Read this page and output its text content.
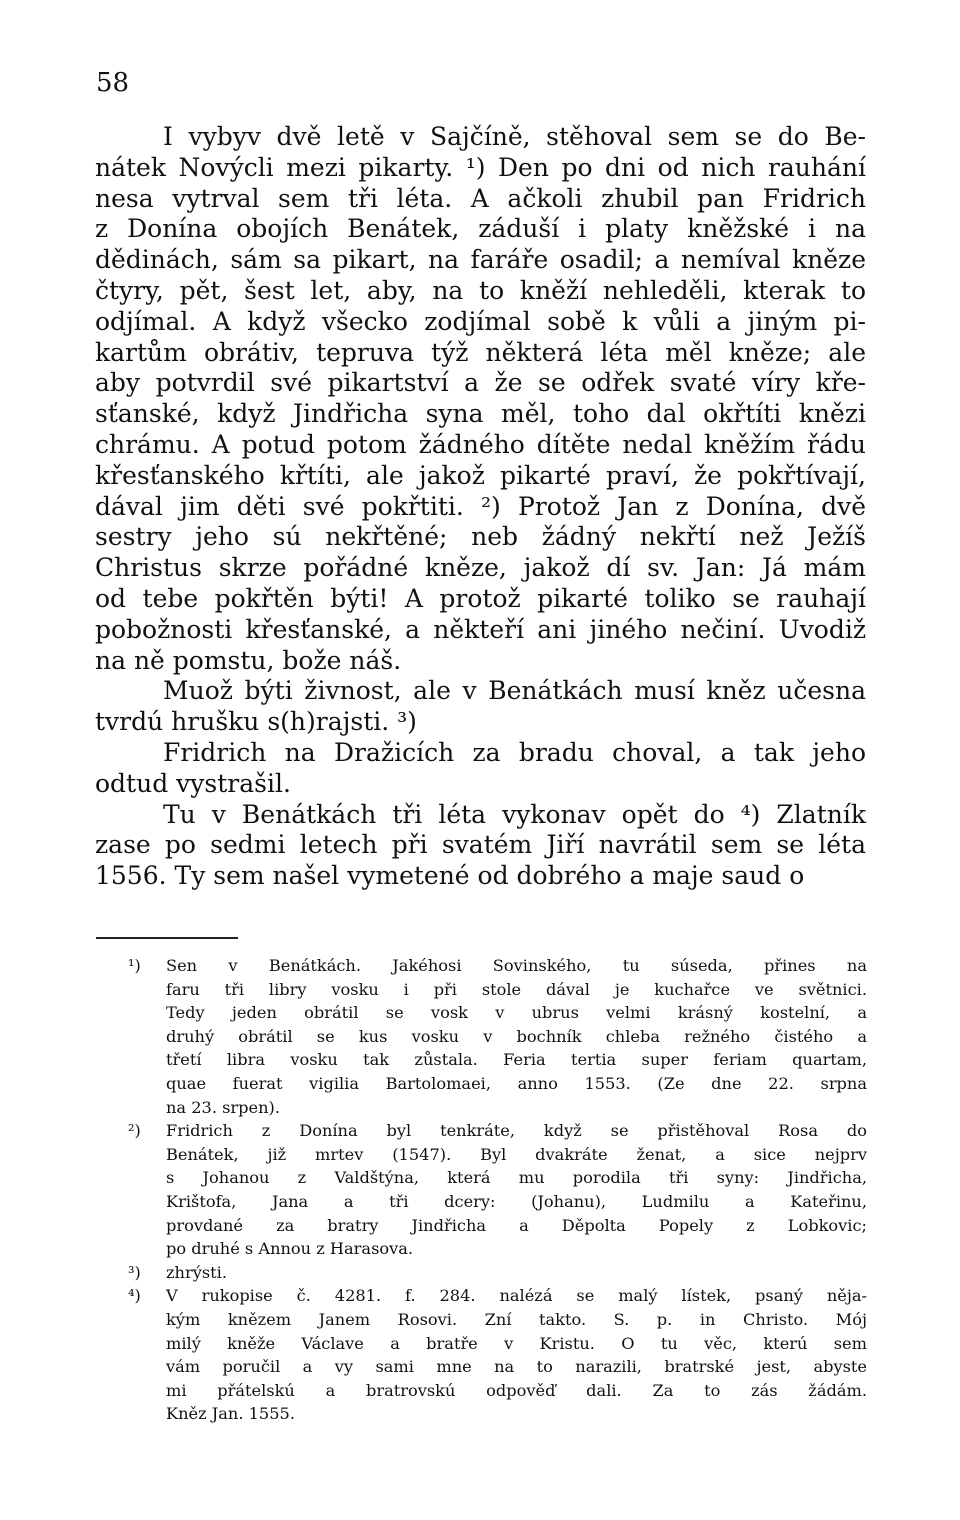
58
I vybyv dvě letě v Sajčíně, stěhoval sem se do Be-
nátek Novýcli mezi pikarty. ¹) Den po dni od nich rauhání
nesa vytrval sem tři léta. A ačkoli zhubil pan Fridrich
z Donína obojích Benátek, záduší i platy kněžské i na
dědinách, sám sa pikart, na faráře osadil; a nemíval kněze
čtyry, pět, šest let, aby, na to kněží nehleděli, kterak to
odjímal. A když všecko zodjímal sobě k vůli a jiným pi-
kartům obrátiv, tepruva týž některá léta měl kněze; ale
aby potvrdil své pikartství a že se odřek svaté víry kře-
sťanské, když Jindřicha syna měl, toho dal okřtíti knězi
chrámu. A potud potom žádného dítěte nedal kněžím řádu
křesťanského křtíti, ale jakož pikarté praví, že pokřtívají,
dával jim děti své pokřtiti. ²) Protož Jan z Donína, dvě
sestry jeho sú nekřtěné; neb žádný nekřtí než Ježíš
Christus skrze pořádné kněze, jakož dí sv. Jan: Já mám
od tebe pokřtěn býti! A protož pikarté toliko se rauhají
pobožnosti křesťanské, a někteří ani jiného nečiní. Uvodiž
na ně pomstu, bože náš.
Muož býti živnost, ale v Benátkách musí kněz učesna
tvrdú hrušku s(h)rajsti. ³)
Fridrich na Dražicích za bradu choval, a tak jeho
odtud vystrašil.
Tu v Benátkách tři léta vykonav opět do ⁴) Zlatník
zase po sedmi letech při svatém Jiří navrátil sem se léta
1556. Ty sem našel vymetené od dobrého a maje saud o
¹) Sen v Benátkách. Jakéhosi Sovinského, tu súseda, přines na
faru tři libry vosku i při stole dával je kuchařce ve světnici.
Tedy jeden obrátil se vosk v ubrus velmi krásný kostelní, a
druhý obrátil se kus vosku v bochník chleba režného čistého a
třetí libra vosku tak zůstala. Feria tertia super feriam quartam,
quae fuerat vigilia Bartolomaei, anno 1553. (Ze dne 22. srpna
na 23. srpen).
²) Fridrich z Donína byl tenkráte, když se přistěhoval Rosa do
Benátek, již mrtev (1547). Byl dvakráte ženat, a sice nejprv
s Johanou z Valdštýna, která mu porodila tři syny: Jindřicha,
Krištofa, Jana a tři dcery: (Johanu), Ludmilu a Kateřinu,
provdané za bratry Jindřicha a Děpolta Popely z Lobkovic;
po druhé s Annou z Harasova.
³) zhrýsti.
⁴) V rukopise č. 4281. f. 284. nalézá se malý lístek, psaný něja-
kým knězem Janem Rosovi. Zní takto. S. p. in Christo. Mój
milý kněže Václave a bratře v Kristu. O tu věc, kterú sem
vám poručil a vy sami mne na to narazili, bratrské jest, abyste
mi přátelskú a bratrovskú odpověď dali. Za to zás žádám.
Kněz Jan. 1555.
